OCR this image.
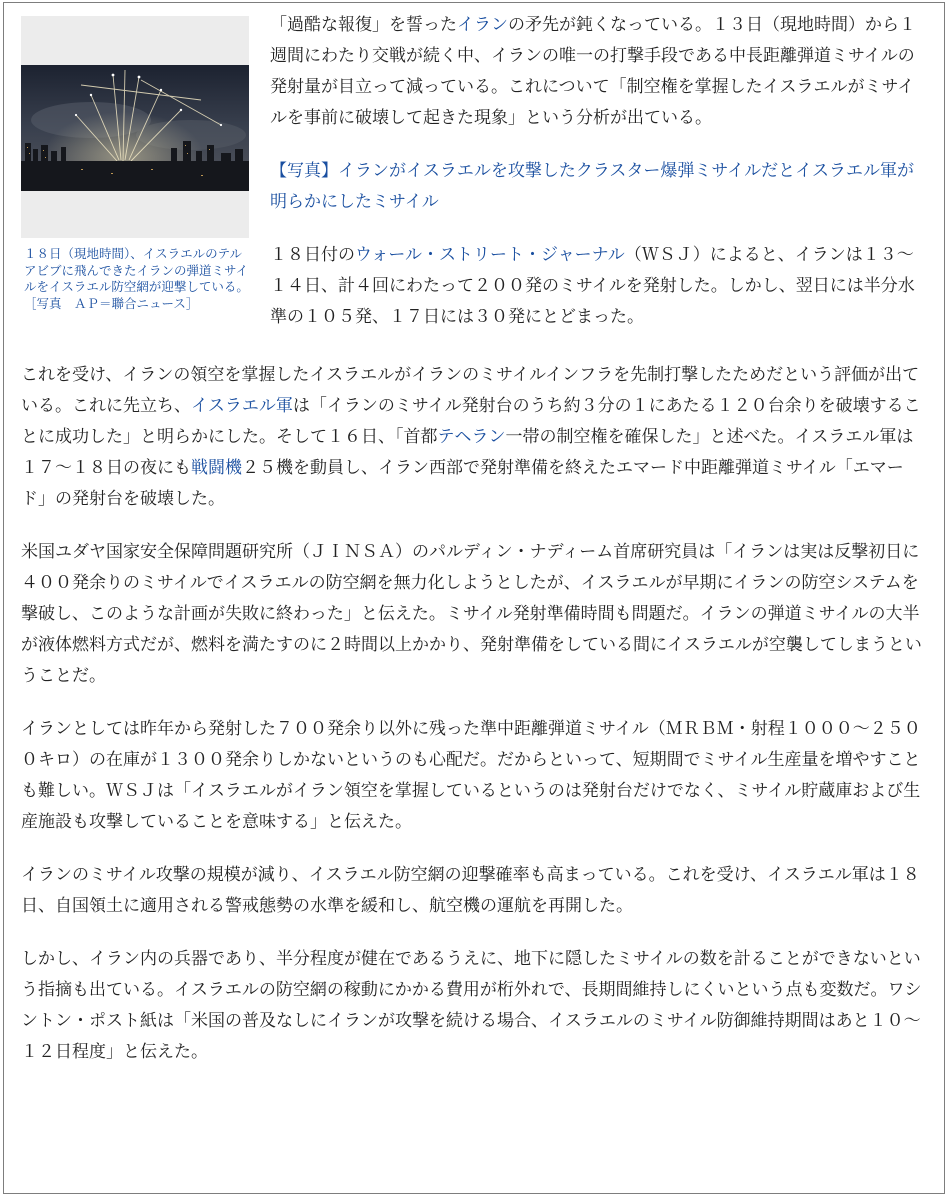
１８日（現地時間）、イスラエルのテルアビブに飛んできたイランの弾道ミサイルをイスラエル防空網が迎撃している。［写真　ＡＰ＝聯合ニュース］

「過酷な報復」を誓ったイランの矛先が鈍くなっている。１３日（現地時間）から１週間にわたり交戦が続く中、イランの唯一の打撃手段である中長距離弾道ミサイルの発射量が目立って減っている。これについて「制空権を掌握したイスラエルがミサイルを事前に破壊して起きた現象」という分析が出ている。

【写真】イランがイスラエルを攻撃したクラスター爆弾ミサイルだとイスラエル軍が明らかにしたミサイル

１８日付のウォール・ストリート・ジャーナル（ＷＳＪ）によると、イランは１３～１４日、計４回にわたって２００発のミサイルを発射した。しかし、翌日には半分水準の１０５発、１７日には３０発にとどまった。

これを受け、イランの領空を掌握したイスラエルがイランのミサイルインフラを先制打撃したためだという評価が出ている。これに先立ち、イスラエル軍は「イランのミサイル発射台のうち約３分の１にあたる１２０台余りを破壊することに成功した」と明らかにした。そして１６日、「首都テヘラン一帯の制空権を確保した」と述べた。イスラエル軍は１７～１８日の夜にも戦闘機２５機を動員し、イラン西部で発射準備を終えたエマード中距離弾道ミサイル「エマード」の発射台を破壊した。

米国ユダヤ国家安全保障問題研究所（ＪＩＮＳＡ）のパルディン・ナディーム首席研究員は「イランは実は反撃初日に４００発余りのミサイルでイスラエルの防空網を無力化しようとしたが、イスラエルが早期にイランの防空システムを撃破し、このような計画が失敗に終わった」と伝えた。ミサイル発射準備時間も問題だ。イランの弾道ミサイルの大半が液体燃料方式だが、燃料を満たすのに２時間以上かかり、発射準備をしている間にイスラエルが空襲してしまうということだ。

イランとしては昨年から発射した７００発余り以外に残った準中距離弾道ミサイル（ＭＲＢＭ・射程１０００～２５００キロ）の在庫が１３００発余りしかないというのも心配だ。だからといって、短期間でミサイル生産量を増やすことも難しい。ＷＳＪは「イスラエルがイラン領空を掌握しているというのは発射台だけでなく、ミサイル貯蔵庫および生産施設も攻撃していることを意味する」と伝えた。

イランのミサイル攻撃の規模が減り、イスラエル防空網の迎撃確率も高まっている。これを受け、イスラエル軍は１８日、自国領土に適用される警戒態勢の水準を緩和し、航空機の運航を再開した。

しかし、イラン内の兵器であり、半分程度が健在であるうえに、地下に隠したミサイルの数を計ることができないという指摘も出ている。イスラエルの防空網の稼動にかかる費用が桁外れで、長期間維持しにくいという点も変数だ。ワシントン・ポスト紙は「米国の普及なしにイランが攻撃を続ける場合、イスラエルのミサイル防御維持期間はあと１０～１２日程度」と伝えた。
